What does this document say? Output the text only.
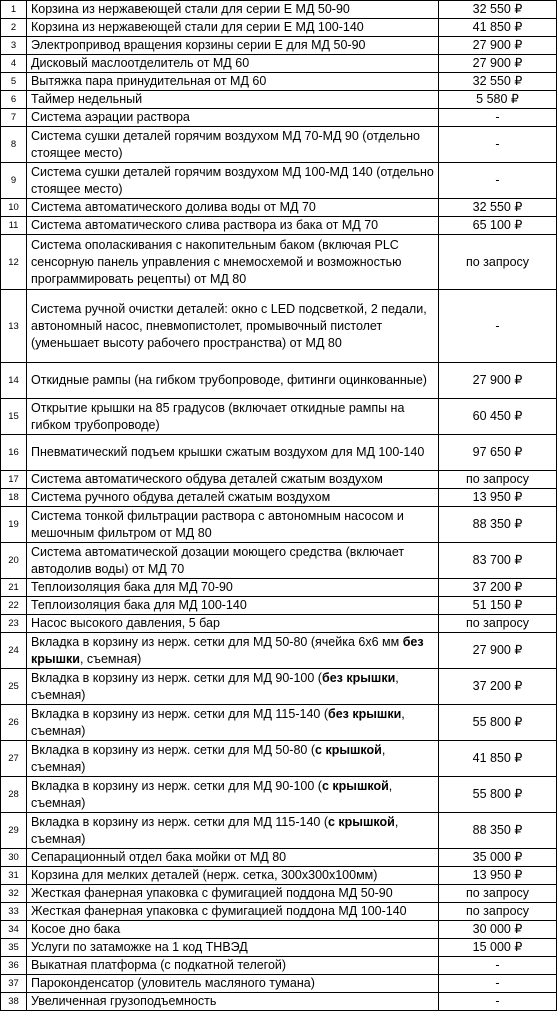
1	Корзина из нержавеющей стали для серии E МД 50-90	32 550 ₽
2	Корзина из нержавеющей стали для серии E МД 100-140	41 850 ₽
3	Электропривод вращения корзины серии E для МД 50-90	27 900 ₽
4	Дисковый маслоотделитель от МД 60	27 900 ₽
5	Вытяжка пара принудительная от МД 60	32 550 ₽
6	Таймер недельный	5 580 ₽
7	Система аэрации раствора	-
8	Система сушки деталей горячим воздухом МД 70-МД 90 (отдельно стоящее место)	-
9	Система сушки деталей горячим воздухом МД 100-МД 140 (отдельно стоящее место)	-
10	Система автоматического долива воды от МД 70	32 550 ₽
11	Система автоматического слива раствора из бака от МД 70	65 100 ₽
12	Система ополаскивания с накопительным баком (включая PLC сенсорную панель управления с мнемосхемой и возможностью программировать рецепты) от МД 80	по запросу
13	Система ручной очистки деталей: окно с LED подсветкой, 2 педали, автономный насос, пневмопистолет, промывочный пистолет (уменьшает высоту рабочего пространства) от МД 80	-
14	Откидные рампы (на гибком трубопроводе, фитинги оцинкованные)	27 900 ₽
15	Открытие крышки на 85 градусов (включает откидные рампы на гибком трубопроводе)	60 450 ₽
16	Пневматический подъем крышки сжатым воздухом для МД 100-140	97 650 ₽
17	Система автоматического обдува деталей сжатым воздухом	по запросу
18	Система ручного обдува деталей сжатым воздухом	13 950 ₽
19	Система тонкой фильтрации раствора с автономным насосом и мешочным фильтром от МД 80	88 350 ₽
20	Система автоматической дозации моющего средства (включает автодолив воды) от МД 70	83 700 ₽
21	Теплоизоляция бака для МД 70-90	37 200 ₽
22	Теплоизоляция бака для МД 100-140	51 150 ₽
23	Насос высокого давления, 5 бар	по запросу
24	Вкладка в корзину из нерж. сетки для МД 50-80 (ячейка 6х6 мм без крышки, съемная)	27 900 ₽
25	Вкладка в корзину из нерж. сетки для МД 90-100 (без крышки, съемная)	37 200 ₽
26	Вкладка в корзину из нерж. сетки для МД 115-140 (без крышки, съемная)	55 800 ₽
27	Вкладка в корзину из нерж. сетки для МД 50-80 (с крышкой, съемная)	41 850 ₽
28	Вкладка в корзину из нерж. сетки для МД 90-100 (с крышкой, съемная)	55 800 ₽
29	Вкладка в корзину из нерж. сетки для МД 115-140 (с крышкой, съемная)	88 350 ₽
30	Сепарационный отдел бака мойки от МД 80	35 000 ₽
31	Корзина для мелких деталей (нерж. сетка, 300х300х100мм)	13 950 ₽
32	Жесткая фанерная упаковка с фумигацией поддона МД 50-90	по запросу
33	Жесткая фанерная упаковка с фумигацией поддона МД 100-140	по запросу
34	Косое дно бака	30 000 ₽
35	Услуги по затаможке на 1 код ТНВЭД	15 000 ₽
36	Выкатная платформа (с подкатной телегой)	-
37	Пароконденсатор (уловитель масляного тумана)	-
38	Увеличенная грузоподъемность	-
